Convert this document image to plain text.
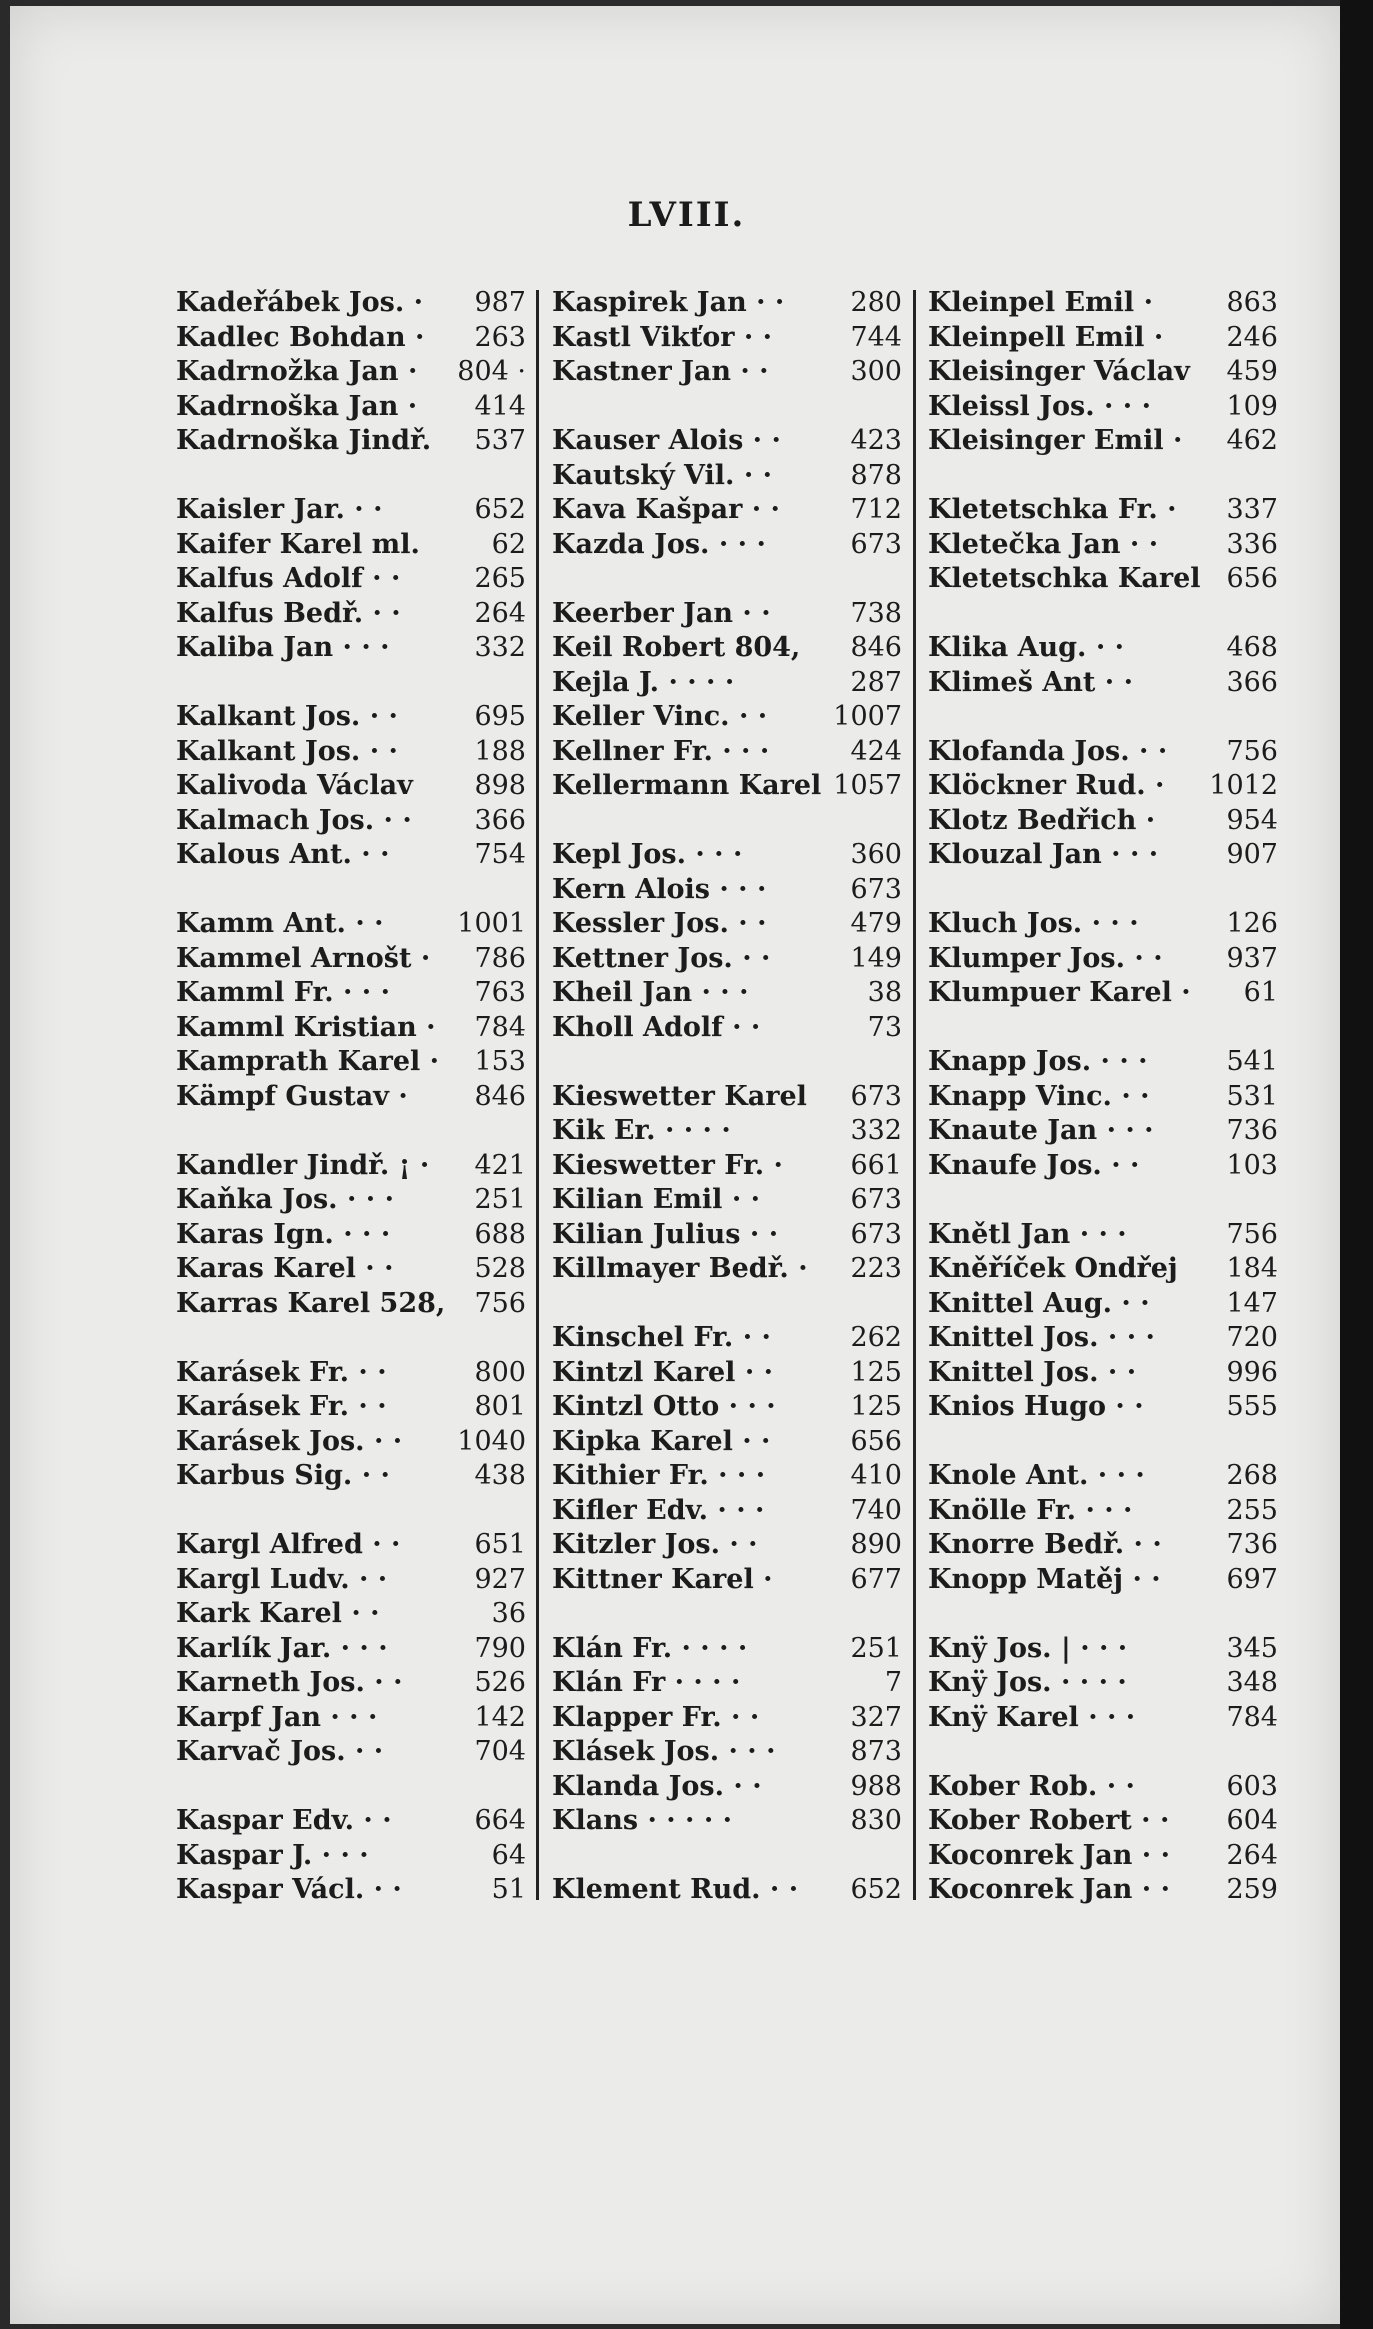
LVIII.
Kadeřábek Jos. · 987
Kadlec Bohdan · 263
Kadrnožka Jan · 804 ·
Kadrnoška Jan · 414
Kadrnoška Jindř. 537
Kaisler Jar. · ·	652
Kaifer Karel ml.	62
Kalfus Adolf · ·	265
Kalfus Bedř. · ·	264
Kaliba Jan · · ·	332
Kalkant Jos. · ·	695
Kalkant Jos. · ·	188
Kalivoda Václav 898
Kalmach Jos. · · 366
Kalous Ant. · ·	754
Kamm Ant. · ·	1001
Kammel Arnošt · 786
Kamml Fr. · · ·	763
Kamml Kristian · 784
Kamprath Karel · 153
Kämpf Gustav · 846
Kandler Jindř. ¡ · 421
Kaňka Jos. · · ·	251
Karas Ign. · · ·	688
Karas Karel · ·	528
Karras Karel 528, 756
Karásek Fr. · ·	800
Karásek Fr. · ·	801
Karásek Jos. · · 1040
Karbus Sig. · ·	438
Kargl Alfred · ·	651
Kargl Ludv. · ·	927
Kark Karel · ·	36
Karlík Jar. · · ·	790
Karneth Jos. · ·	526
Karpf Jan · · ·	142
Karvač Jos. · ·	704
Kaspar Edv. · ·	664
Kaspar J. · · ·	64
Kaspar Václ. · ·	51
Kaspirek Jan · · 280
Kastl Vikťor · ·	744
Kastner Jan · ·	300
Kauser Alois · ·	423
Kautský Vil. · ·	878
Kava Kašpar · ·	712
Kazda Jos. · · ·	673
Keerber Jan · ·	738
Keil Robert 804, 846
Kejla J. · · · ·	287
Keller Vinc. · · 1007
Kellner Fr. · · ·	424
Kellermann Karel 1057
Kepl Jos. · · ·	360
Kern Alois · · ·	673
Kessler Jos. · ·	479
Kettner Jos. · ·	149
Kheil Jan · · ·	38
Kholl Adolf · ·	73
Kieswetter Karel 673
Kik Er. · · · ·	332
Kieswetter Fr. ·	661
Kilian Emil · ·	673
Kilian Julius · ·	673
Killmayer Bedř. · 223
Kinschel Fr. · ·	262
Kintzl Karel · ·	125
Kintzl Otto · · ·	125
Kipka Karel · ·	656
Kithier Fr. · · ·	410
Kifler Edv. · · ·	740
Kitzler Jos. · ·	890
Kittner Karel ·	677
Klán Fr. · · · ·	251
Klán Fr · · · ·	7
Klapper Fr. · ·	327
Klásek Jos. · · ·	873
Klanda Jos. · ·	988
Klans · · · · ·	830
Klement Rud. · · 652
Kleinpel Emil ·	863
Kleinpell Emil · 246
Kleisinger Václav 459
Kleissl Jos. · · ·	109
Kleisinger Emil · 462
Kletetschka Fr. · 337
Kletečka Jan · ·	336
Kletetschka Karel 656
Klika Aug. · ·	468
Klimeš Ant · ·	366
Klofanda Jos. · · 756
Klöckner Rud. · 1012
Klotz Bedřich ·	954
Klouzal Jan · · ·	907
Kluch Jos. · · ·	126
Klumper Jos. · · 937
Klumpuer Karel · 61
Knapp Jos. · · ·	541
Knapp Vinc. · ·	531
Knaute Jan · · ·	736
Knaufe Jos. · ·	103
Knětl Jan · · ·	756
Kněříček Ondřej 184
Knittel Aug. · ·	147
Knittel Jos. · · ·	720
Knittel Jos. · ·	996
Knios Hugo · ·	555
Knole Ant. · · ·	268
Knölle Fr. · · ·	255
Knorre Bedř. · · 736
Knopp Matěj · · 697
Knÿ Jos. | · · ·	345
Knÿ Jos. · · · ·	348
Knÿ Karel · · ·	784
Kober Rob. · ·	603
Kober Robert · · 604
Koconrek Jan · · 264
Koconrek Jan · · 259
